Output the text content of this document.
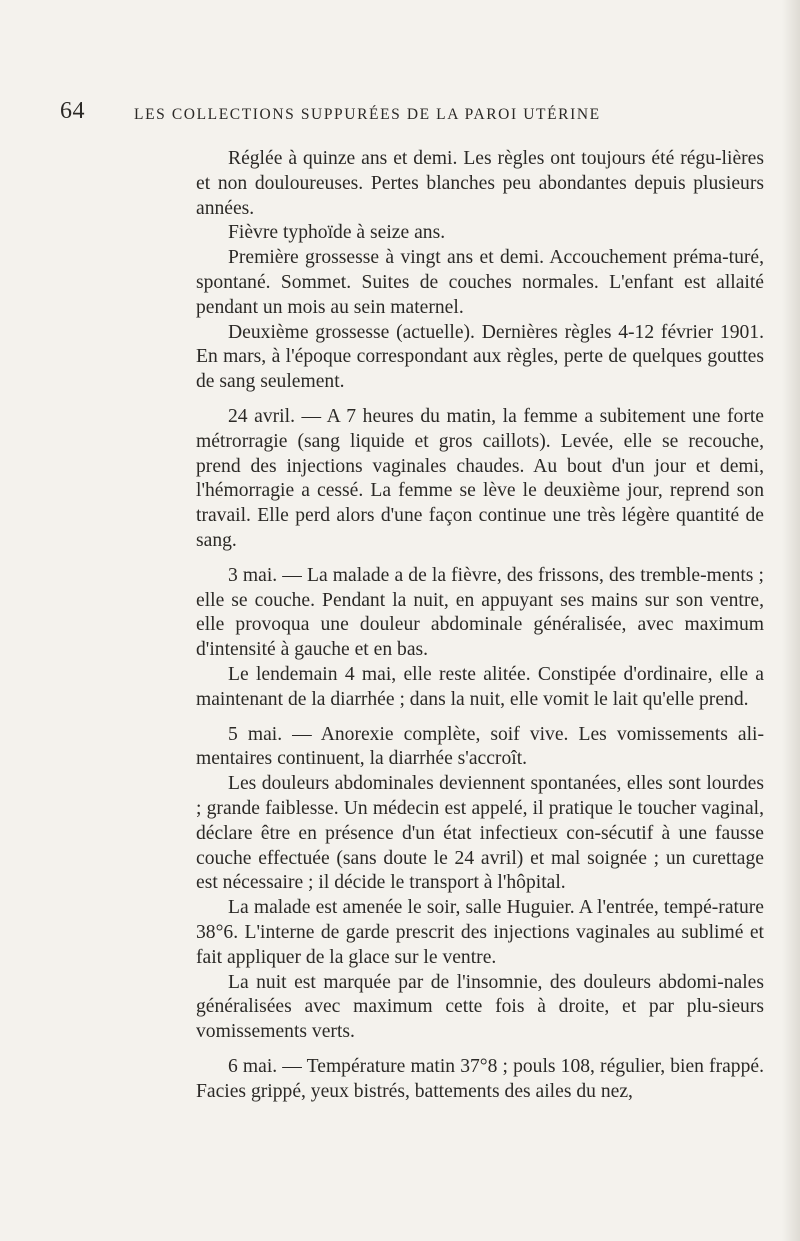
64	LES COLLECTIONS SUPPURÉES DE LA PAROI UTÉRINE

Réglée à quinze ans et demi. Les règles ont toujours été régu-lières et non douloureuses. Pertes blanches peu abondantes depuis plusieurs années.

Fièvre typhoïde à seize ans.

Première grossesse à vingt ans et demi. Accouchement préma-turé, spontané. Sommet. Suites de couches normales. L'enfant est allaité pendant un mois au sein maternel.

Deuxième grossesse (actuelle). Dernières règles 4-12 février 1901. En mars, à l'époque correspondant aux règles, perte de quelques gouttes de sang seulement.

24 avril. — A 7 heures du matin, la femme a subitement une forte métrorragie (sang liquide et gros caillots). Levée, elle se recouche, prend des injections vaginales chaudes. Au bout d'un jour et demi, l'hémorragie a cessé. La femme se lève le deuxième jour, reprend son travail. Elle perd alors d'une façon continue une très légère quantité de sang.

3 mai. — La malade a de la fièvre, des frissons, des tremble-ments ; elle se couche. Pendant la nuit, en appuyant ses mains sur son ventre, elle provoqua une douleur abdominale généralisée, avec maximum d'intensité à gauche et en bas.

Le lendemain 4 mai, elle reste alitée. Constipée d'ordinaire, elle a maintenant de la diarrhée ; dans la nuit, elle vomit le lait qu'elle prend.

5 mai. — Anorexie complète, soif vive. Les vomissements ali-mentaires continuent, la diarrhée s'accroît.

Les douleurs abdominales deviennent spontanées, elles sont lourdes ; grande faiblesse. Un médecin est appelé, il pratique le toucher vaginal, déclare être en présence d'un état infectieux con-sécutif à une fausse couche effectuée (sans doute le 24 avril) et mal soignée ; un curettage est nécessaire ; il décide le transport à l'hôpital.

La malade est amenée le soir, salle Huguier. A l'entrée, tempé-rature 38°6. L'interne de garde prescrit des injections vaginales au sublimé et fait appliquer de la glace sur le ventre.

La nuit est marquée par de l'insomnie, des douleurs abdomi-nales généralisées avec maximum cette fois à droite, et par plu-sieurs vomissements verts.

6 mai. — Température matin 37°8 ; pouls 108, régulier, bien frappé. Facies grippé, yeux bistrés, battements des ailes du nez,
